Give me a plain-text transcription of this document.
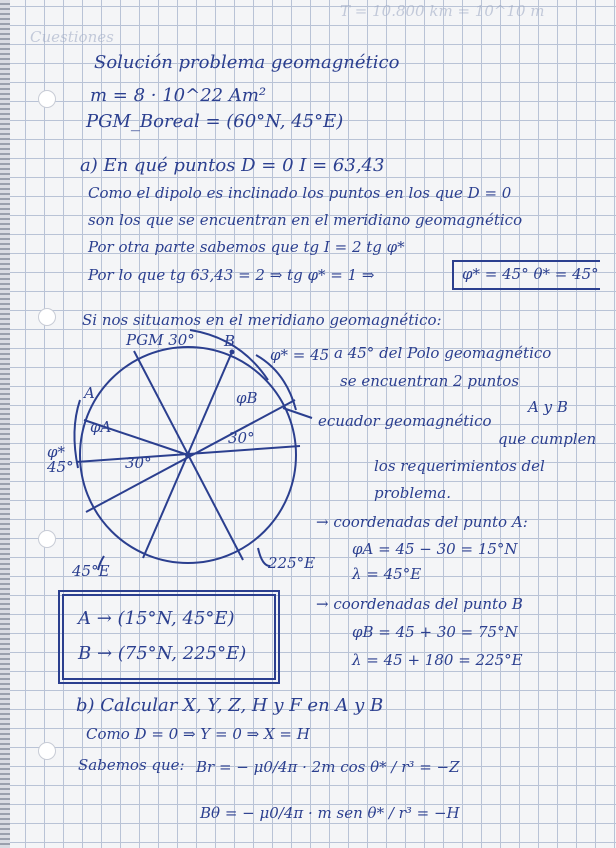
T = 10.800 km = 10^10 m
Cuestiones
Solución problema geomagnético
m = 8 · 10^22 Am²
PGM_Boreal = (60°N, 45°E)
a) En qué puntos D = 0 I = 63,43
Como el dipolo es inclinado los puntos en los que D = 0
son los que se encuentran en el meridiano geomagnético
Por otra parte sabemos que tg I = 2 tg φ*
Por lo que tg 63,43 = 2 ⇒ tg φ* = 1 ⇒	φ* = 45° θ* = 45°
Si nos situamos en el meridiano geomagnético:
PGM 30° B
φ* = 45
A
φA
φB
φ* 45°	30°
30°
45°E	225°E
a 45° del Polo geomagnético
se encuentran 2 puntos
A y B
ecuador geomagnético
que cumplen
los requerimientos del
problema.
→ coordenadas del punto A:
φA = 45 − 30 = 15°N
λ = 45°E
→ coordenadas del punto B
φB = 45 + 30 = 75°N
λ = 45 + 180 = 225°E
A → (15°N, 45°E)
B → (75°N, 225°E)
b) Calcular X, Y, Z, H y F en A y B
Como D = 0 ⇒ Y = 0 ⇒ X = H
Sabemos que: Br = − μ0/4π · 2m cos θ* / r³ = −Z
Bθ = − μ0/4π · m sen θ* / r³ = −H
